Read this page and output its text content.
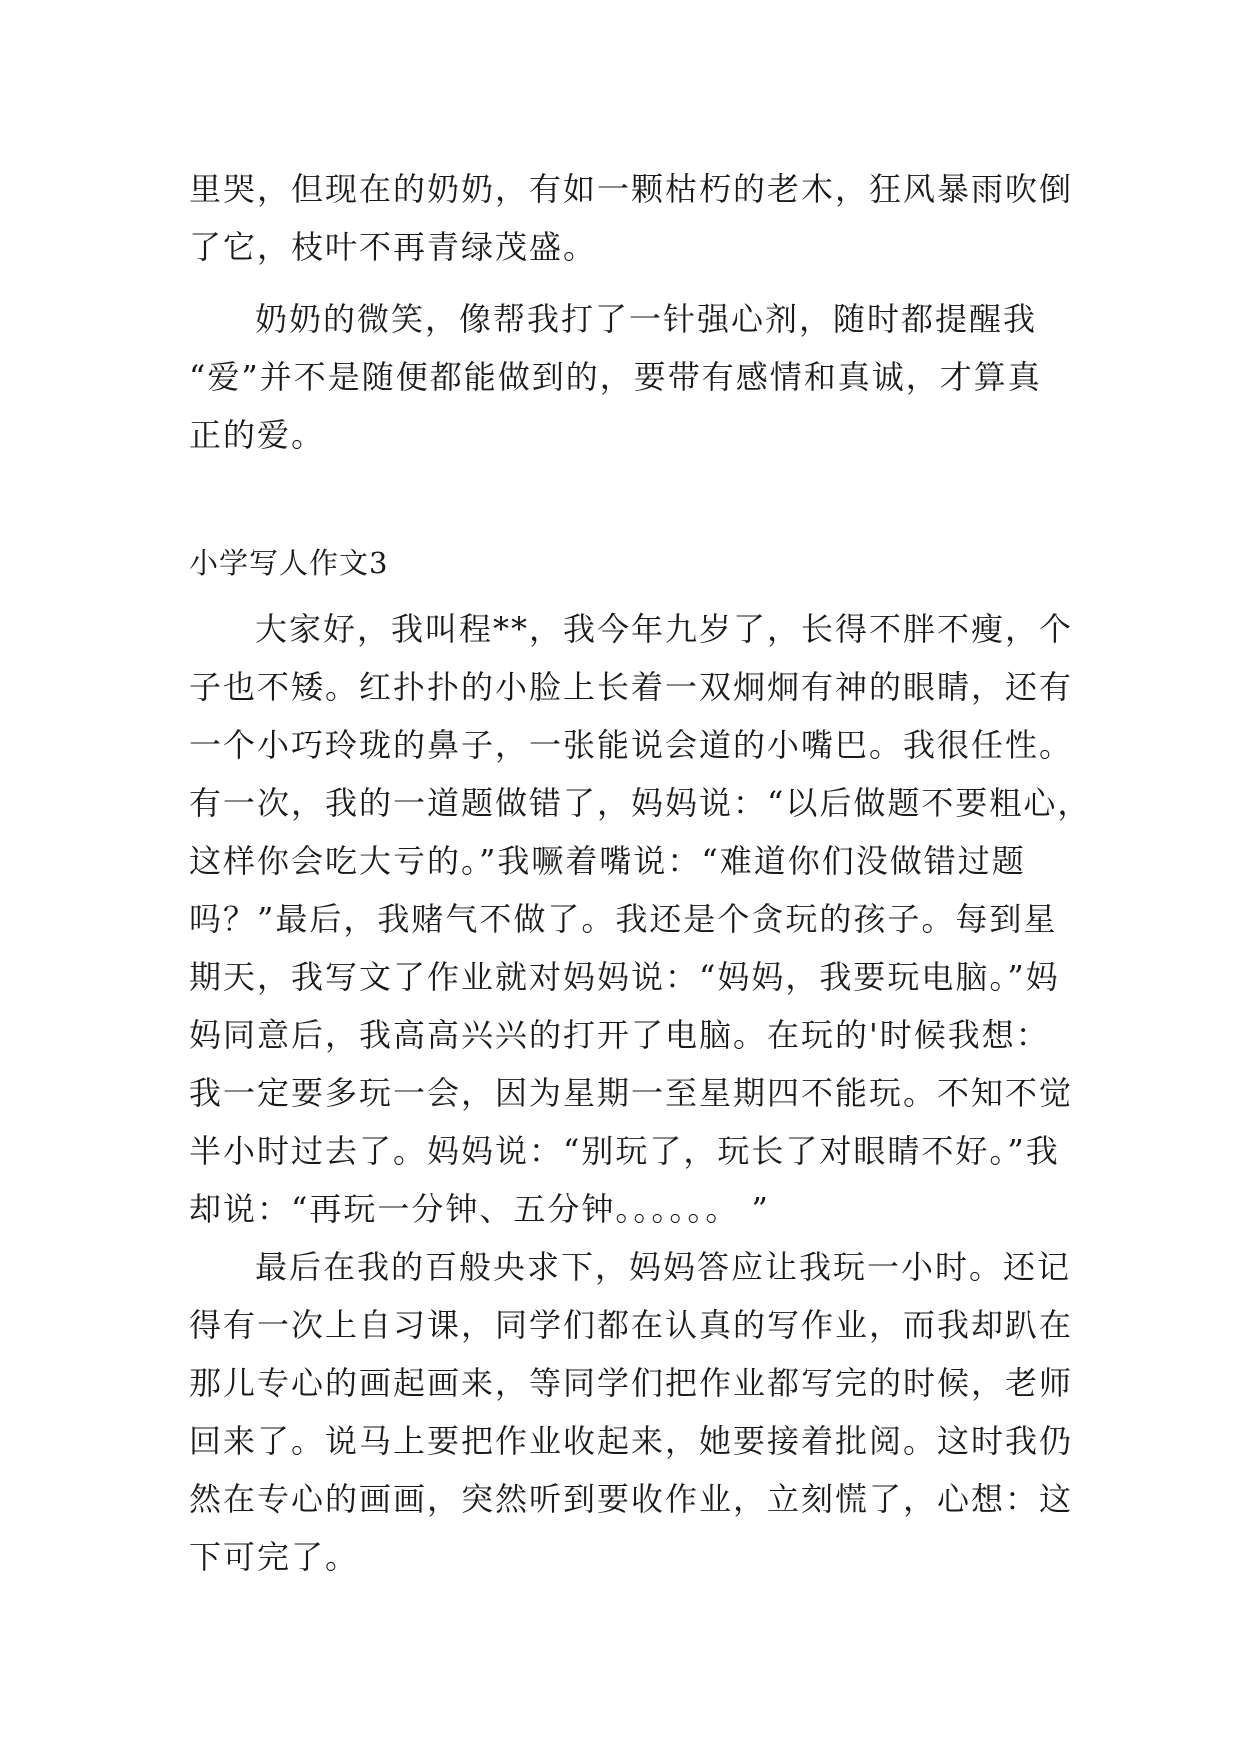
里哭，但现在的奶奶，有如一颗枯朽的老木，狂风暴雨吹倒
了它，枝叶不再青绿茂盛。
奶奶的微笑，像帮我打了一针强心剂，随时都提醒我
“爱”并不是随便都能做到的，要带有感情和真诚，才算真
正的爱。
小学写人作文3
大家好，我叫程**，我今年九岁了，长得不胖不瘦，个
子也不矮。红扑扑的小脸上长着一双炯炯有神的眼睛，还有
一个小巧玲珑的鼻子，一张能说会道的小嘴巴。我很任性。
有一次，我的一道题做错了，妈妈说：“以后做题不要粗心，
这样你会吃大亏的。”我噘着嘴说：“难道你们没做错过题
吗？”最后，我赌气不做了。我还是个贪玩的孩子。每到星
期天，我写文了作业就对妈妈说：“妈妈，我要玩电脑。”妈
妈同意后，我高高兴兴的打开了电脑。在玩的'时候我想：
我一定要多玩一会，因为星期一至星期四不能玩。不知不觉
半小时过去了。妈妈说：“别玩了，玩长了对眼睛不好。”我
却说：“再玩一分钟、五分钟。。。。。。 ”
最后在我的百般央求下，妈妈答应让我玩一小时。还记
得有一次上自习课，同学们都在认真的写作业，而我却趴在
那儿专心的画起画来，等同学们把作业都写完的时候，老师
回来了。说马上要把作业收起来，她要接着批阅。这时我仍
然在专心的画画，突然听到要收作业，立刻慌了，心想：这
下可完了。
